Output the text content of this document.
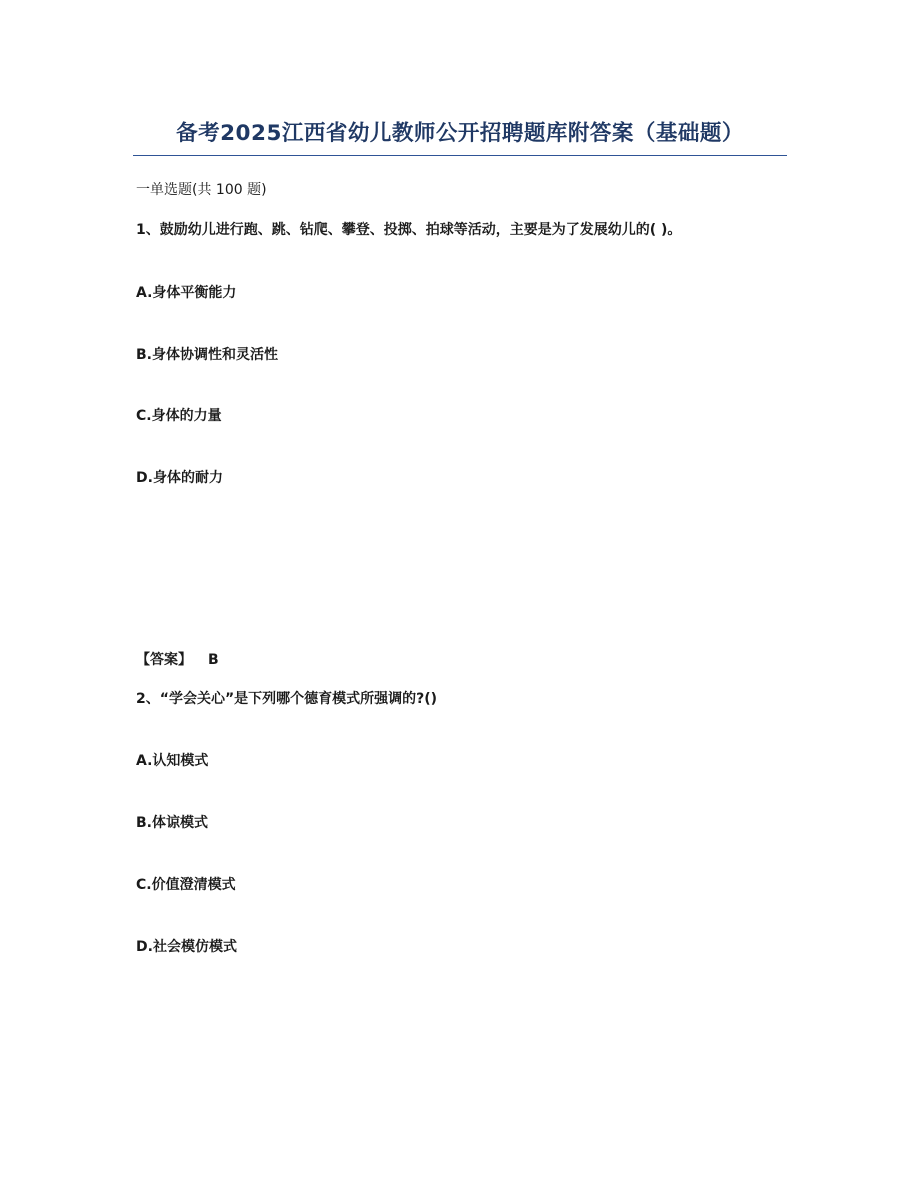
备考2025江西省幼儿教师公开招聘题库附答案（基础题）
一单选题(共 100 题)
1、鼓励幼儿进行跑、跳、钻爬、攀登、投掷、拍球等活动，主要是为了发展幼儿的( )。
A.身体平衡能力
B.身体协调性和灵活性
C.身体的力量
D.身体的耐力
【答案】 B
2、“学会关心”是下列哪个德育模式所强调的?()
A.认知模式
B.体谅模式
C.价值澄清模式
D.社会模仿模式
